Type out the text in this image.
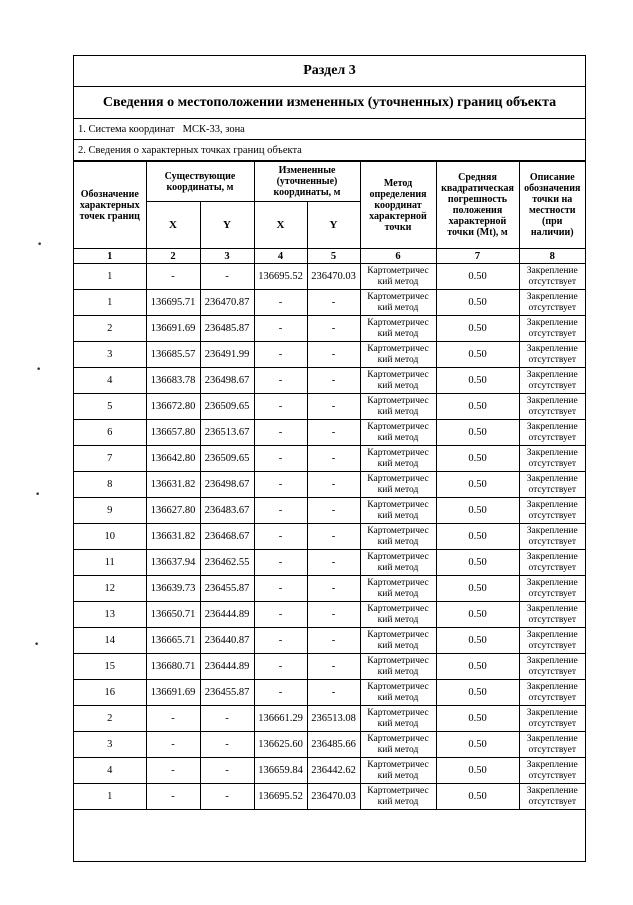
Раздел 3
Сведения о местоположении измененных (уточненных) границ объекта
1. Система координат МСК-33, зона
2. Сведения о характерных точках границ объекта
Обозначение характерных точек границ	Существующие координаты, м		Измененные (уточненные) координаты, м		Метод определения координат характерной точки	Средняя квадратическая погрешность положения характерной точки (Mt), м	Описание обозначения точки на местности (при наличии)
	X	Y	X	Y			
1	2	3	4	5	6	7	8
1	-	-	136695.52	236470.03	Картометричес кий метод	0.50	Закрепление отсутствует
1	136695.71	236470.87	-	-	Картометричес кий метод	0.50	Закрепление отсутствует
2	136691.69	236485.87	-	-	Картометричес кий метод	0.50	Закрепление отсутствует
3	136685.57	236491.99	-	-	Картометричес кий метод	0.50	Закрепление отсутствует
4	136683.78	236498.67	-	-	Картометричес кий метод	0.50	Закрепление отсутствует
5	136672.80	236509.65	-	-	Картометричес кий метод	0.50	Закрепление отсутствует
6	136657.80	236513.67	-	-	Картометричес кий метод	0.50	Закрепление отсутствует
7	136642.80	236509.65	-	-	Картометричес кий метод	0.50	Закрепление отсутствует
8	136631.82	236498.67	-	-	Картометричес кий метод	0.50	Закрепление отсутствует
9	136627.80	236483.67	-	-	Картометричес кий метод	0.50	Закрепление отсутствует
10	136631.82	236468.67	-	-	Картометричес кий метод	0.50	Закрепление отсутствует
11	136637.94	236462.55	-	-	Картометричес кий метод	0.50	Закрепление отсутствует
12	136639.73	236455.87	-	-	Картометричес кий метод	0.50	Закрепление отсутствует
13	136650.71	236444.89	-	-	Картометричес кий метод	0.50	Закрепление отсутствует
14	136665.71	236440.87	-	-	Картометричес кий метод	0.50	Закрепление отсутствует
15	136680.71	236444.89	-	-	Картометричес кий метод	0.50	Закрепление отсутствует
16	136691.69	236455.87	-	-	Картометричес кий метод	0.50	Закрепление отсутствует
2	-	-	136661.29	236513.08	Картометричес кий метод	0.50	Закрепление отсутствует
3	-	-	136625.60	236485.66	Картометричес кий метод	0.50	Закрепление отсутствует
4	-	-	136659.84	236442.62	Картометричес кий метод	0.50	Закрепление отсутствует
1	-	-	136695.52	236470.03	Картометричес кий метод	0.50	Закрепление отсутствует
•
•
•
•
